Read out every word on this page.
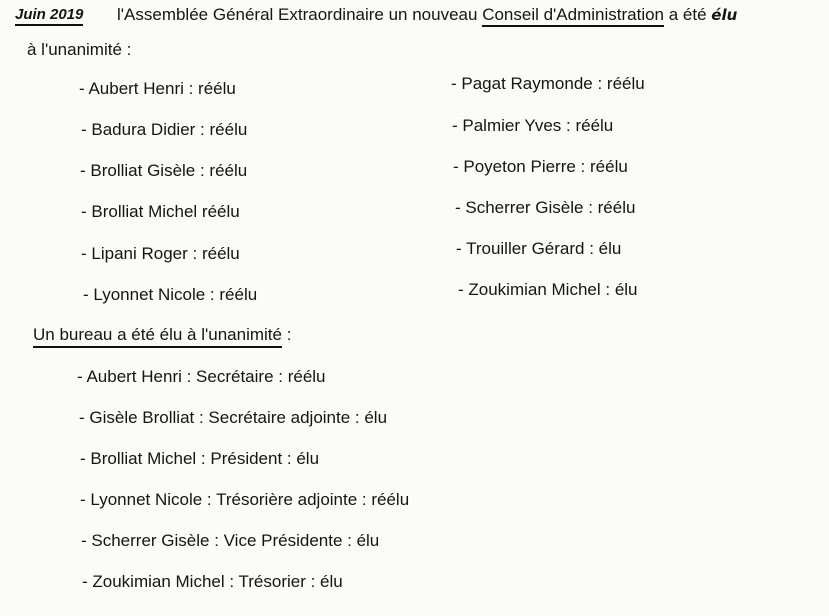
Juin 2019 l'Assemblée Général Extraordinaire un nouveau Conseil d'Administration a été élu
à l'unanimité :
- Aubert Henri : réélu
- Badura Didier : réélu
- Brolliat Gisèle : réélu
- Brolliat Michel réélu
- Lipani Roger : réélu
- Lyonnet Nicole : réélu
- Pagat Raymonde : réélu
- Palmier Yves : réélu
- Poyeton Pierre : réélu
- Scherrer Gisèle : réélu
- Trouiller Gérard : élu
- Zoukimian Michel : élu
Un bureau a été élu à l'unanimité :
- Aubert Henri : Secrétaire : réélu
- Gisèle Brolliat : Secrétaire adjointe : élu
- Brolliat Michel : Président : élu
- Lyonnet Nicole : Trésorière adjointe : réélu
- Scherrer Gisèle : Vice Présidente : élu
- Zoukimian Michel : Trésorier : élu
